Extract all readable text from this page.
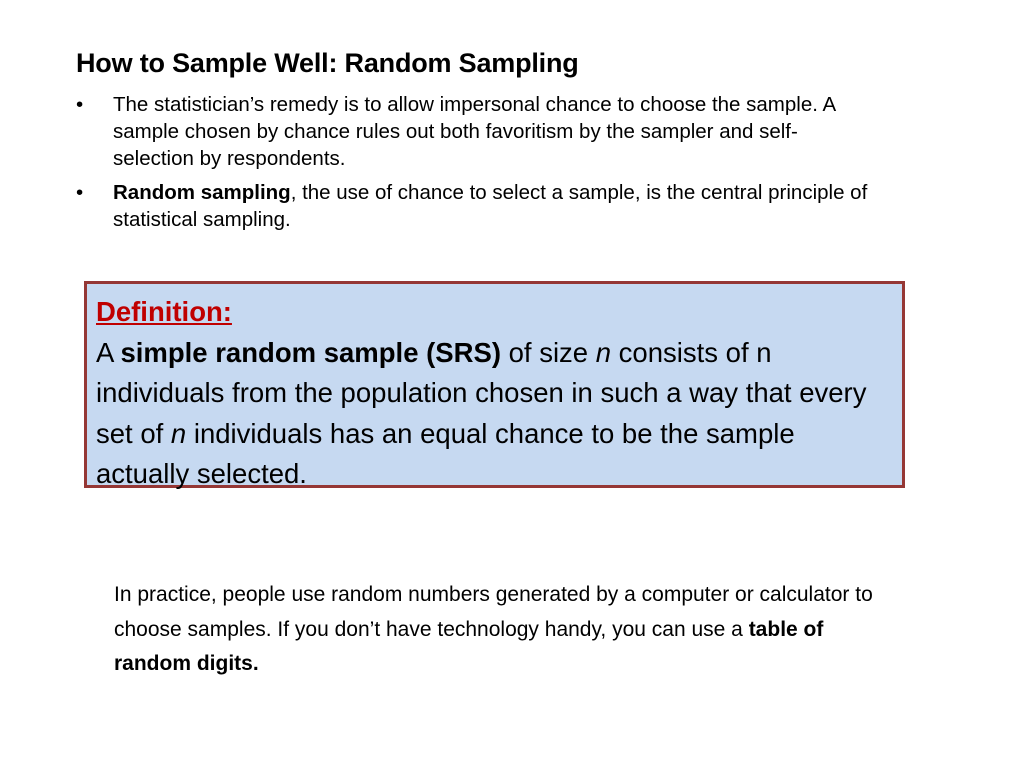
How to Sample Well: Random Sampling
• The statistician’s remedy is to allow impersonal chance to choose the sample. A sample chosen by chance rules out both favoritism by the sampler and self-selection by respondents.
• Random sampling, the use of chance to select a sample, is the central principle of statistical sampling.
Definition:
A simple random sample (SRS) of size n consists of n individuals from the population chosen in such a way that every set of n individuals has an equal chance to be the sample actually selected.
In practice, people use random numbers generated by a computer or calculator to choose samples. If you don’t have technology handy, you can use a table of random digits.
